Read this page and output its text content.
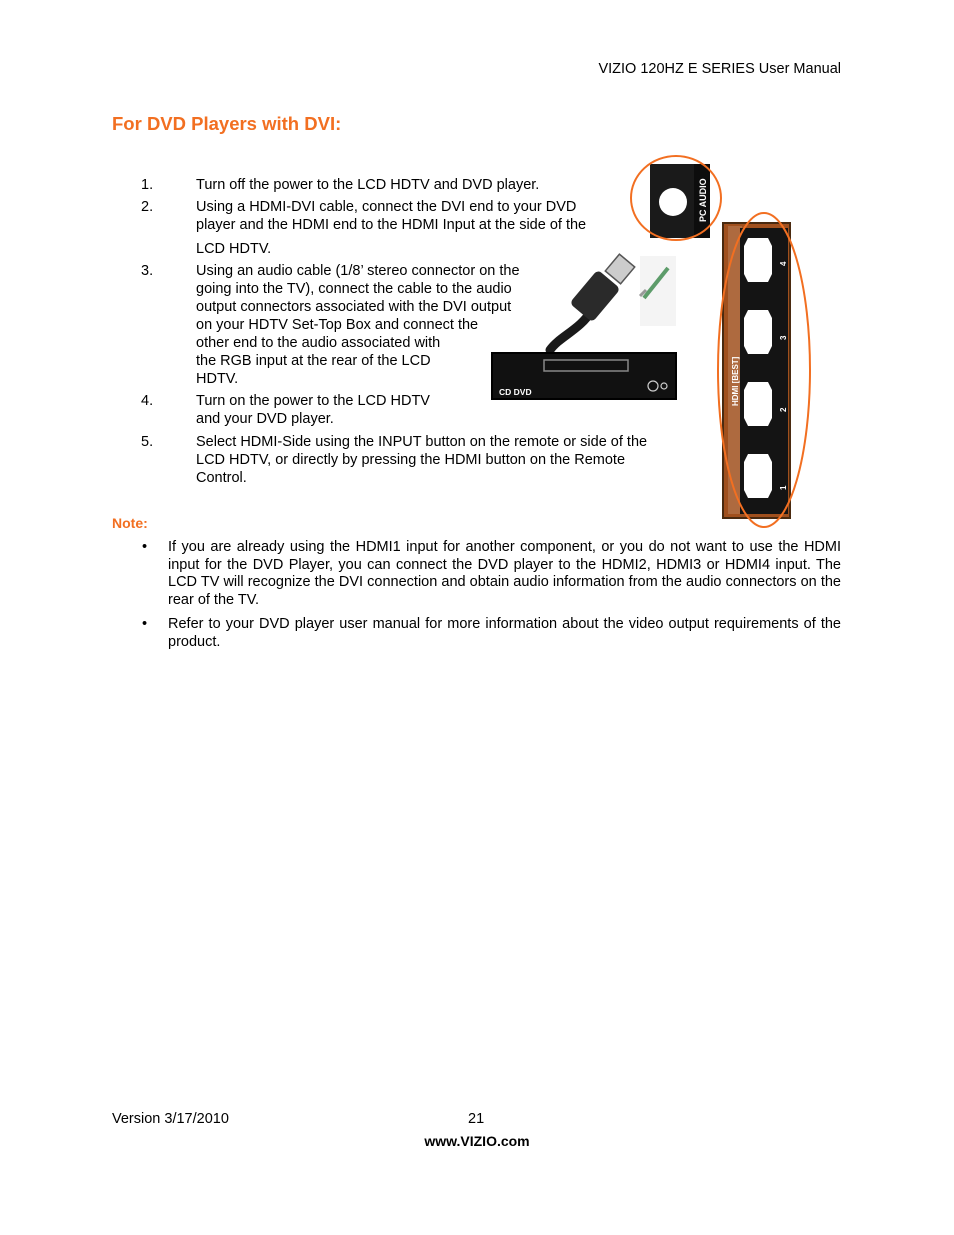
VIZIO 120HZ E SERIES User Manual
For DVD Players with DVI:
1.	Turn off the power to the LCD HDTV and DVD player.
2.	Using a HDMI-DVI cable, connect the DVI end to your DVD
player and the HDMI end to the HDMI Input at the side of the
LCD HDTV.
3.	Using an audio cable (1/8’ stereo connector on the
going into the TV), connect the cable to the audio
output connectors associated with the DVI output
on your HDTV Set-Top Box and connect the
other end to the audio associated with
the RGB input at the rear of the LCD
HDTV.
4.	Turn on the power to the LCD HDTV
and your DVD player.
5.	Select HDMI-Side using the INPUT button on the remote or side of the
LCD HDTV, or directly by pressing the HDMI button on the Remote
Control.
PC AUDIO
HDMI [BEST]
4
3
2
1
CD DVD
Note:
• If you are already using the HDMI1 input for another component, or you do not want to use the HDMI input for the DVD Player, you can connect the DVD player to the HDMI2, HDMI3 or HDMI4 input. The LCD TV will recognize the DVI connection and obtain audio information from the audio connectors on the rear of the TV.
• Refer to your DVD player user manual for more information about the video output requirements of the product.
Version 3/17/2010	21
www.VIZIO.com
